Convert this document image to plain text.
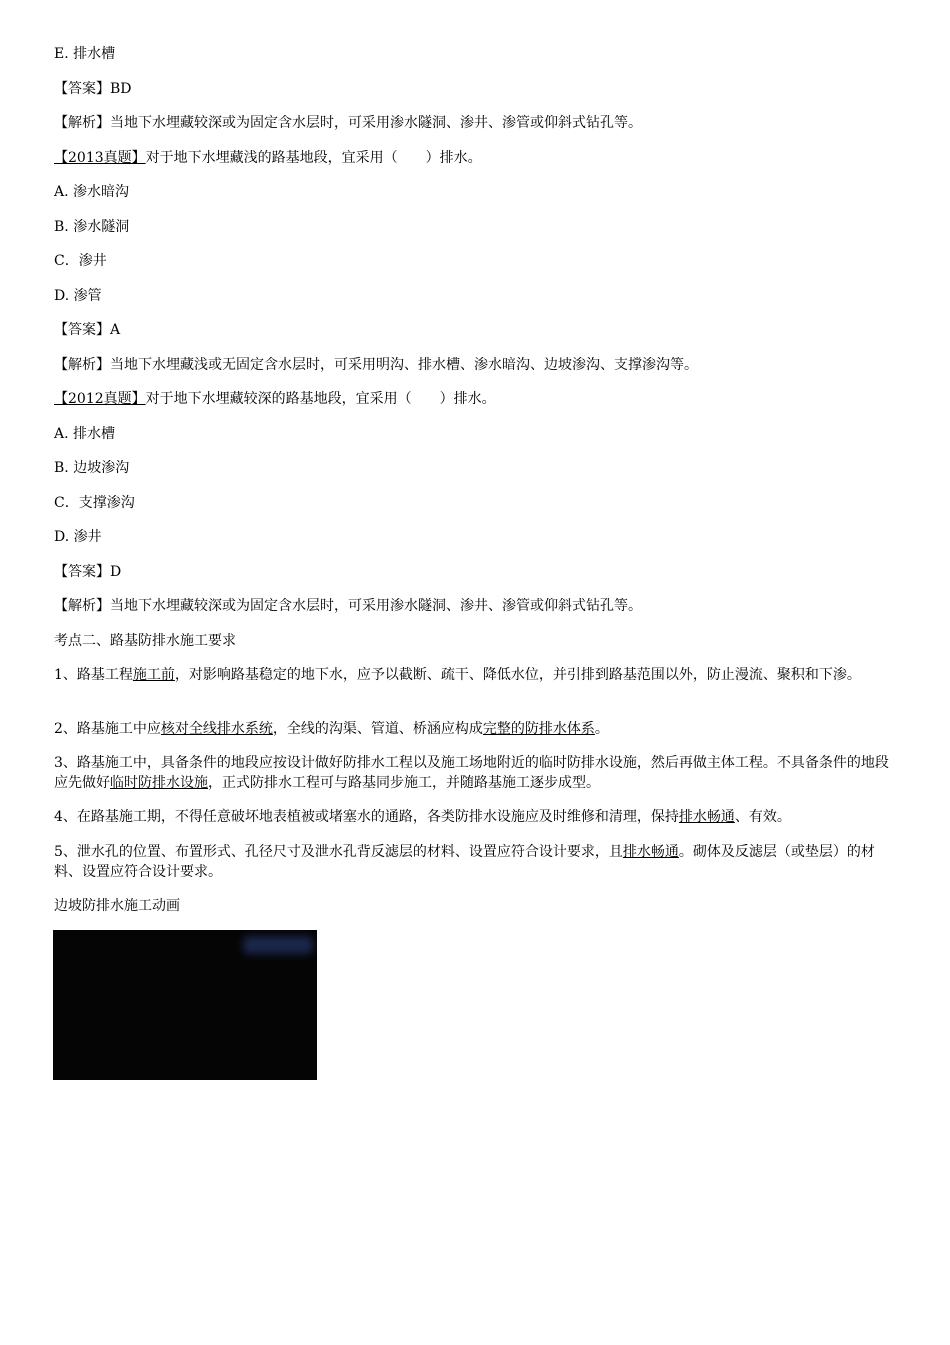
E. 排水槽
【答案】BD
【解析】当地下水埋藏较深或为固定含水层时，可采用渗水隧洞、渗井、渗管或仰斜式钻孔等。
【2013真题】对于地下水埋藏浅的路基地段，宜采用（　　）排水。
A. 渗水暗沟
B. 渗水隧洞
C．渗井
D. 渗管
【答案】A
【解析】当地下水埋藏浅或无固定含水层时，可采用明沟、排水槽、渗水暗沟、边坡渗沟、支撑渗沟等。
【2012真题】对于地下水埋藏较深的路基地段，宜采用（　　）排水。
A. 排水槽
B. 边坡渗沟
C．支撑渗沟
D. 渗井
【答案】D
【解析】当地下水埋藏较深或为固定含水层时，可采用渗水隧洞、渗井、渗管或仰斜式钻孔等。
考点二、路基防排水施工要求
1、路基工程施工前，对影响路基稳定的地下水，应予以截断、疏干、降低水位，并引排到路基范围以外，防止漫流、聚积和下渗。
2、路基施工中应核对全线排水系统，全线的沟渠、管道、桥涵应构成完整的防排水体系。
3、路基施工中，具备条件的地段应按设计做好防排水工程以及施工场地附近的临时防排水设施，然后再做主体工程。不具备条件的地段应先做好临时防排水设施，正式防排水工程可与路基同步施工，并随路基施工逐步成型。
4、在路基施工期，不得任意破坏地表植被或堵塞水的通路，各类防排水设施应及时维修和清理，保持排水畅通、有效。
5、泄水孔的位置、布置形式、孔径尺寸及泄水孔背反滤层的材料、设置应符合设计要求，且排水畅通。砌体及反滤层（或垫层）的材料、设置应符合设计要求。
边坡防排水施工动画
